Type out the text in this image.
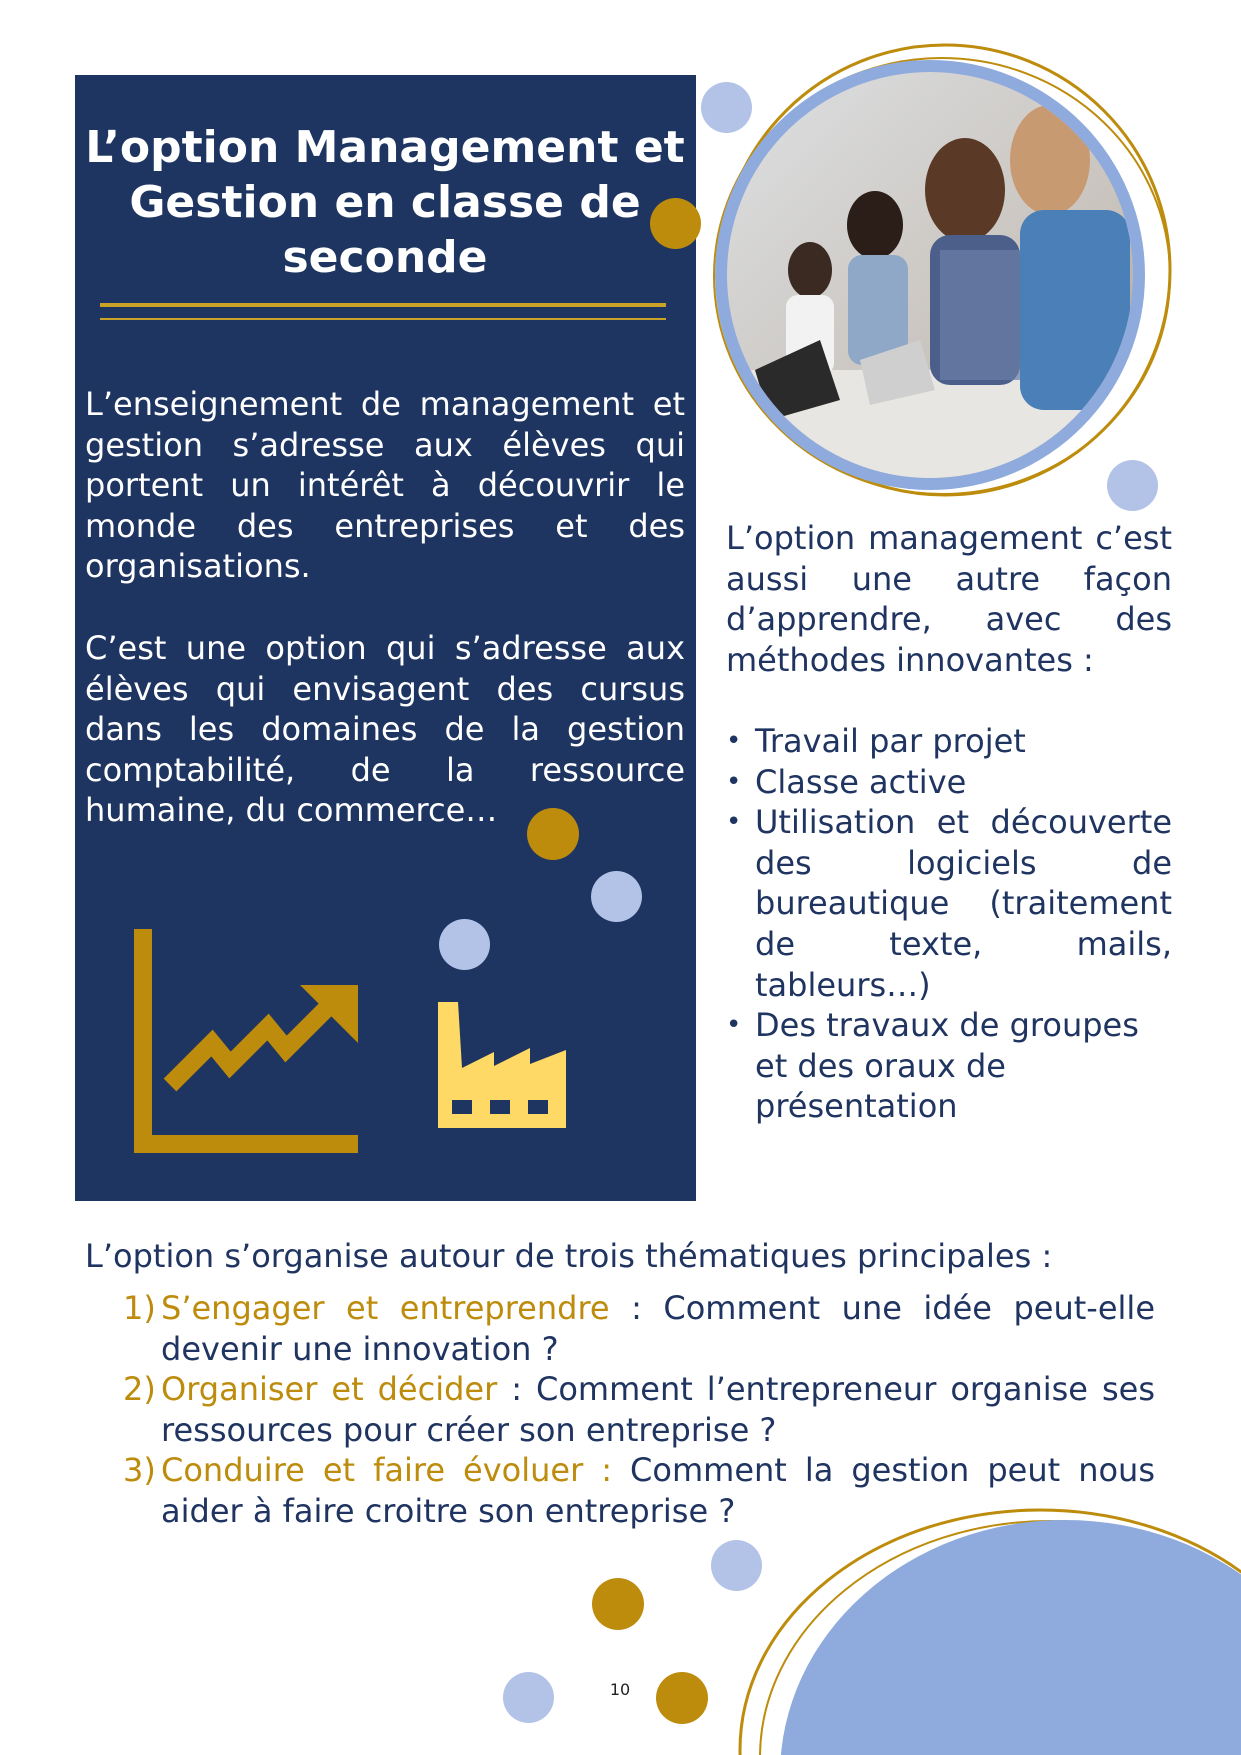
L’option Management et Gestion en classe de seconde

L’enseignement de management et gestion s’adresse aux élèves qui portent un intérêt à découvrir le monde des entreprises et des organisations.

C’est une option qui s’adresse aux élèves qui envisagent des cursus dans les domaines de la gestion comptabilité, de la ressource humaine, du commerce…

L’option management c’est aussi une autre façon d’apprendre, avec des méthodes innovantes :

• Travail par projet
• Classe active
• Utilisation et découverte des logiciels de bureautique (traitement de texte, mails, tableurs…)
• Des travaux de groupes et des oraux de présentation

L’option s’organise autour de trois thématiques principales :

1) S’engager et entreprendre : Comment une idée peut-elle devenir une innovation ?
2) Organiser et décider : Comment l’entrepreneur organise ses ressources pour créer son entreprise ?
3) Conduire et faire évoluer : Comment la gestion peut nous aider à faire croitre son entreprise ?
10
